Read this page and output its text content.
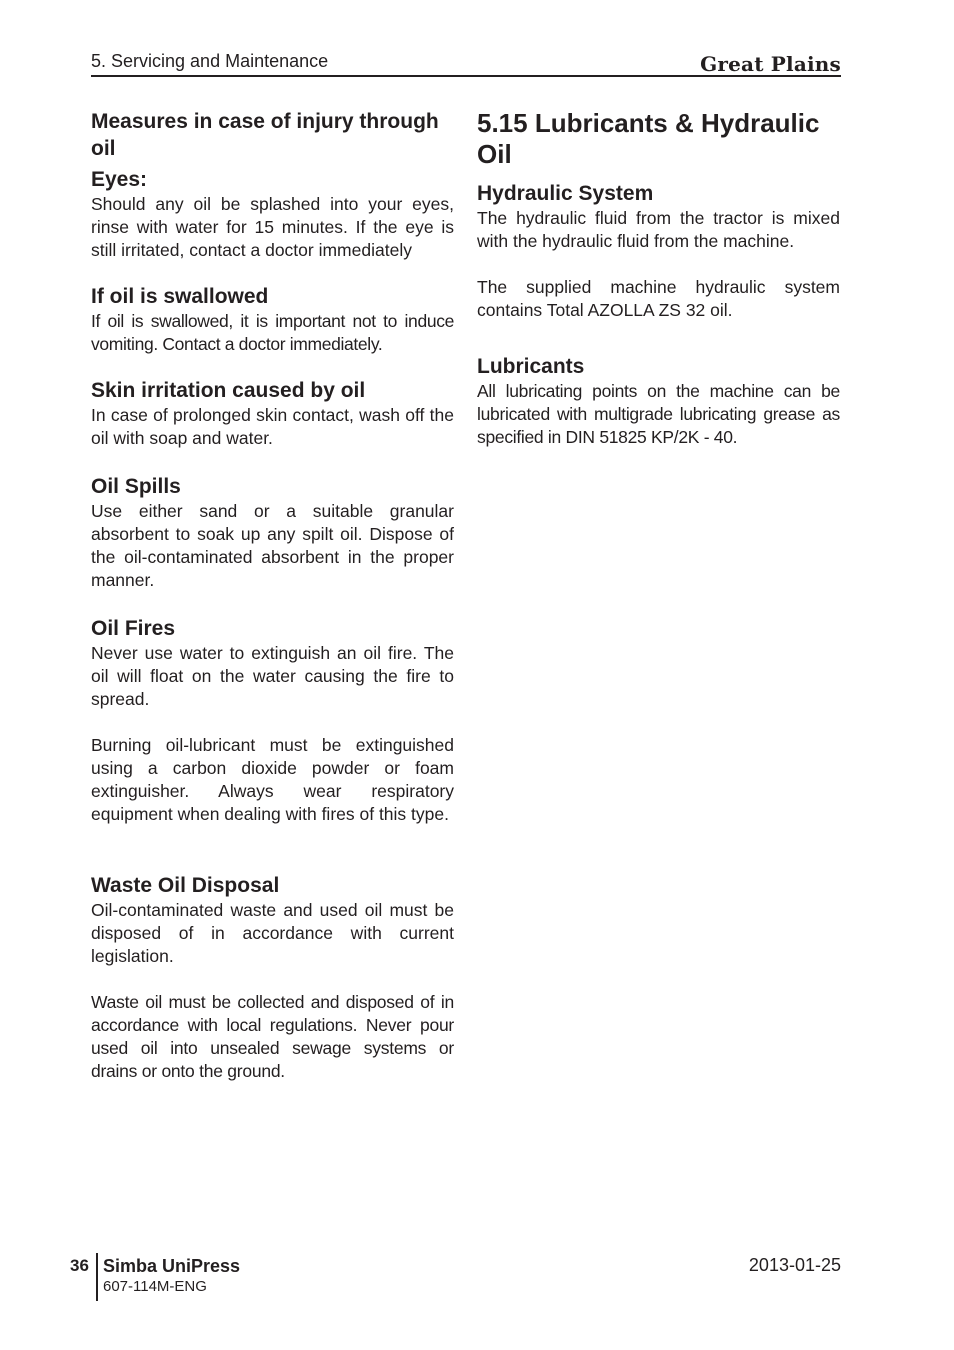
5. Servicing and Maintenance	Great Plains
Measures in case of injury through oil
Eyes:

Should any oil be splashed into your eyes, rinse with water for 15 minutes. If the eye is still irritated, contact a doctor immediately

If oil is swallowed

If oil is swallowed, it is important not to induce vomiting. Contact a doctor immediately.

Skin irritation caused by oil

In case of prolonged skin contact, wash off the oil with soap and water.

Oil Spills

Use either sand or a suitable granular absorbent to soak up any spilt oil. Dispose of the oil-contaminated absorbent in the proper manner.

Oil Fires

Never use water to extinguish an oil fire. The oil will float on the water causing the fire to spread.

Burning oil-lubricant must be extinguished using a carbon dioxide powder or foam extinguisher. Always wear respiratory equipment when dealing with fires of this type.

Waste Oil Disposal

Oil-contaminated waste and used oil must be disposed of in accordance with current legislation.

Waste oil must be collected and disposed of in accordance with local regulations. Never pour used oil into unsealed sewage systems or drains or onto the ground.

5.15 Lubricants & Hydraulic Oil
Hydraulic System

The hydraulic fluid from the tractor is mixed with the hydraulic fluid from the machine.

The supplied machine hydraulic system contains Total AZOLLA ZS 32 oil.

Lubricants

All lubricating points on the machine can be lubricated with multigrade lubricating grease as specified in DIN 51825 KP/2K - 40.

36 Simba UniPress
607-114M-ENG
2013-01-25
